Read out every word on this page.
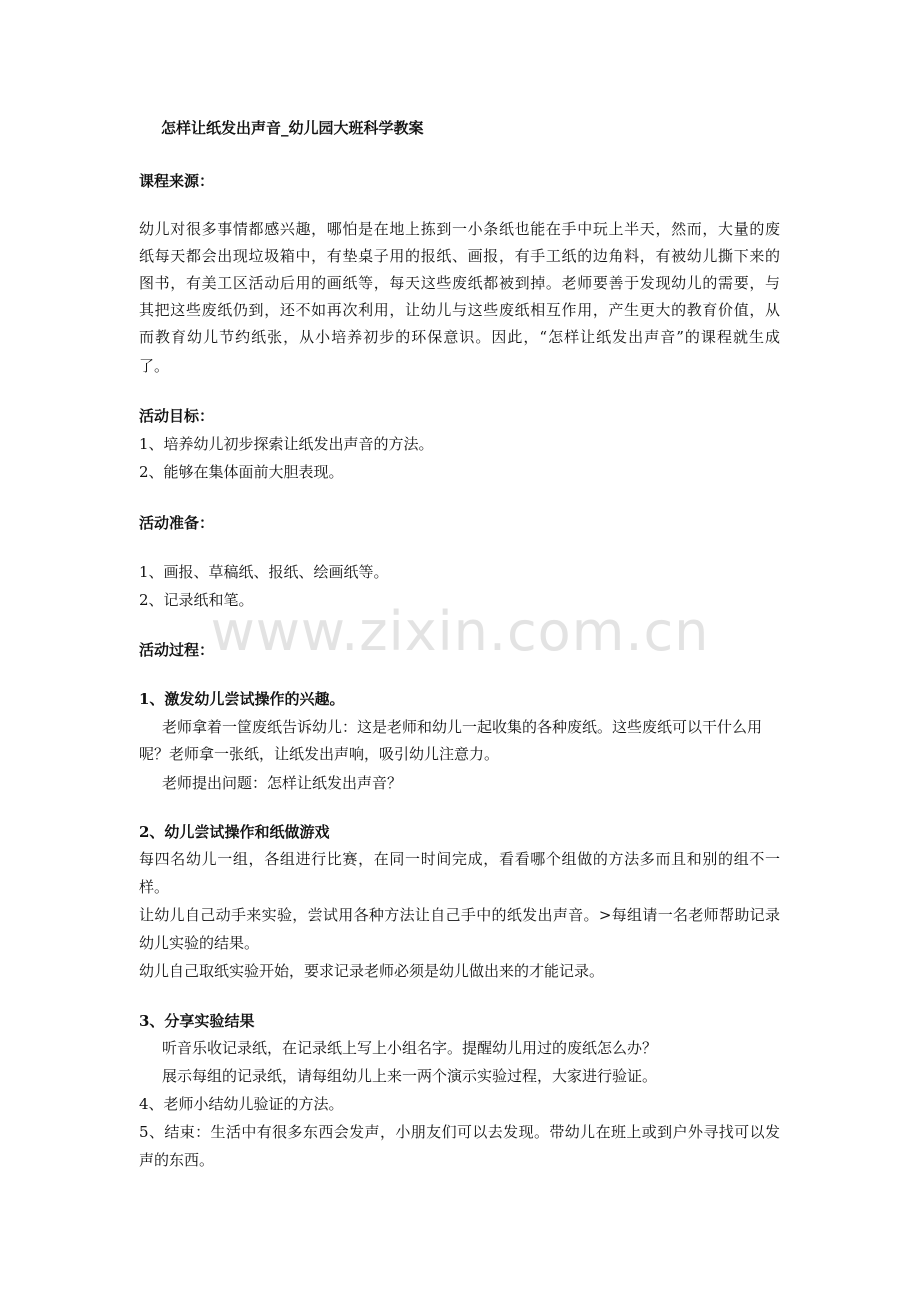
www.zixin.com.cn
怎样让纸发出声音_幼儿园大班科学教案
课程来源：
幼儿对很多事情都感兴趣，哪怕是在地上拣到一小条纸也能在手中玩上半天，然而，大量的废
纸每天都会出现垃圾箱中，有垫桌子用的报纸、画报，有手工纸的边角料，有被幼儿撕下来的
图书，有美工区活动后用的画纸等，每天这些废纸都被到掉。老师要善于发现幼儿的需要，与
其把这些废纸仍到，还不如再次利用，让幼儿与这些废纸相互作用，产生更大的教育价值，从
而教育幼儿节约纸张，从小培养初步的环保意识。因此，“怎样让纸发出声音”的课程就生成
了。
活动目标：
1、培养幼儿初步探索让纸发出声音的方法。
2、能够在集体面前大胆表现。
活动准备：
1、画报、草稿纸、报纸、绘画纸等。
2、记录纸和笔。
活动过程：
1、激发幼儿尝试操作的兴趣。
老师拿着一筐废纸告诉幼儿：这是老师和幼儿一起收集的各种废纸。这些废纸可以干什么用
呢？老师拿一张纸，让纸发出声响，吸引幼儿注意力。
老师提出问题：怎样让纸发出声音？
2、幼儿尝试操作和纸做游戏
每四名幼儿一组，各组进行比赛，在同一时间完成，看看哪个组做的方法多而且和别的组不一
样。
让幼儿自己动手来实验，尝试用各种方法让自己手中的纸发出声音。>每组请一名老师帮助记录
幼儿实验的结果。
幼儿自己取纸实验开始，要求记录老师必须是幼儿做出来的才能记录。
3、分享实验结果
听音乐收记录纸，在记录纸上写上小组名字。提醒幼儿用过的废纸怎么办？
展示每组的记录纸，请每组幼儿上来一两个演示实验过程，大家进行验证。
4、老师小结幼儿验证的方法。
5、结束：生活中有很多东西会发声，小朋友们可以去发现。带幼儿在班上或到户外寻找可以发
声的东西。
